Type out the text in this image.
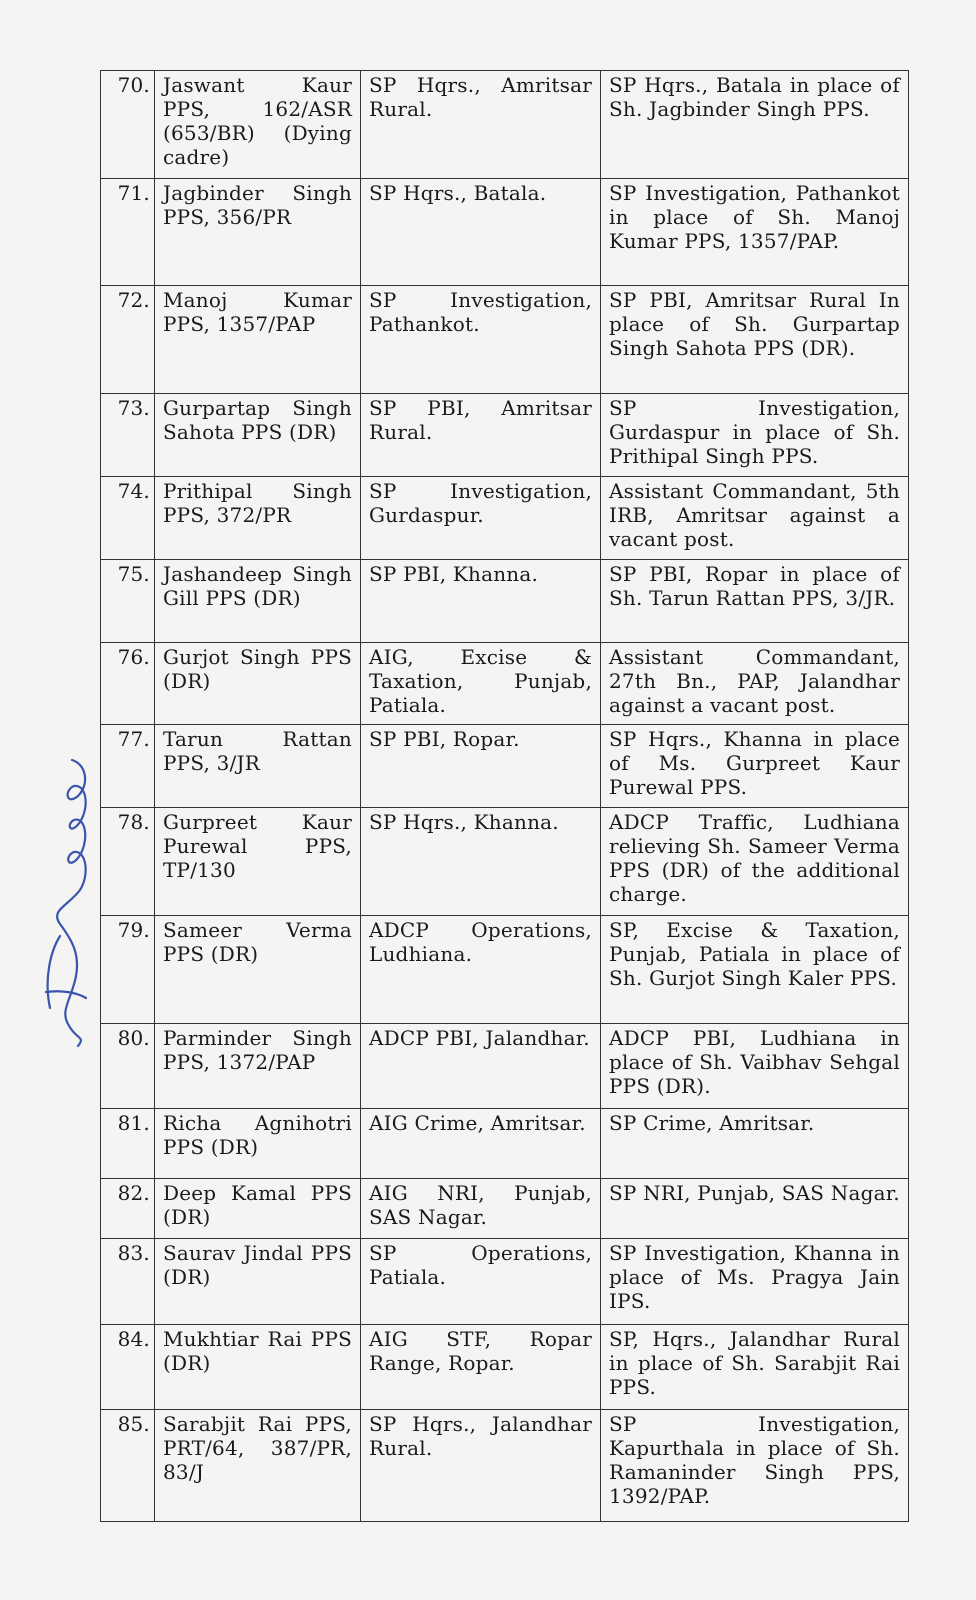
70.	Jaswant Kaur PPS, 162/ASR (653/BR) (Dying cadre)	SP Hqrs., Amritsar Rural.	SP Hqrs., Batala in place of Sh. Jagbinder Singh PPS.
71.	Jagbinder Singh PPS, 356/PR	SP Hqrs., Batala.	SP Investigation, Pathankot in place of Sh. Manoj Kumar PPS, 1357/PAP.
72.	Manoj Kumar PPS, 1357/PAP	SP Investigation, Pathankot.	SP PBI, Amritsar Rural In place of Sh. Gurpartap Singh Sahota PPS (DR).
73.	Gurpartap Singh Sahota PPS (DR)	SP PBI, Amritsar Rural.	SP Investigation, Gurdaspur in place of Sh. Prithipal Singh PPS.
74.	Prithipal Singh PPS, 372/PR	SP Investigation, Gurdaspur.	Assistant Commandant, 5th IRB, Amritsar against a vacant post.
75.	Jashandeep Singh Gill PPS (DR)	SP PBI, Khanna.	SP PBI, Ropar in place of Sh. Tarun Rattan PPS, 3/JR.
76.	Gurjot Singh PPS (DR)	AIG, Excise & Taxation, Punjab, Patiala.	Assistant Commandant, 27th Bn., PAP, Jalandhar against a vacant post.
77.	Tarun Rattan PPS, 3/JR	SP PBI, Ropar.	SP Hqrs., Khanna in place of Ms. Gurpreet Kaur Purewal PPS.
78.	Gurpreet Kaur Purewal PPS, TP/130	SP Hqrs., Khanna.	ADCP Traffic, Ludhiana relieving Sh. Sameer Verma PPS (DR) of the additional charge.
79.	Sameer Verma PPS (DR)	ADCP Operations, Ludhiana.	SP, Excise & Taxation, Punjab, Patiala in place of Sh. Gurjot Singh Kaler PPS.
80.	Parminder Singh PPS, 1372/PAP	ADCP PBI, Jalandhar.	ADCP PBI, Ludhiana in place of Sh. Vaibhav Sehgal PPS (DR).
81.	Richa Agnihotri PPS (DR)	AIG Crime, Amritsar.	SP Crime, Amritsar.
82.	Deep Kamal PPS (DR)	AIG NRI, Punjab, SAS Nagar.	SP NRI, Punjab, SAS Nagar.
83.	Saurav Jindal PPS (DR)	SP Operations, Patiala.	SP Investigation, Khanna in place of Ms. Pragya Jain IPS.
84.	Mukhtiar Rai PPS (DR)	AIG STF, Ropar Range, Ropar.	SP, Hqrs., Jalandhar Rural in place of Sh. Sarabjit Rai PPS.
85.	Sarabjit Rai PPS, PRT/64, 387/PR, 83/J	SP Hqrs., Jalandhar Rural.	SP Investigation, Kapurthala in place of Sh. Ramaninder Singh PPS, 1392/PAP.
